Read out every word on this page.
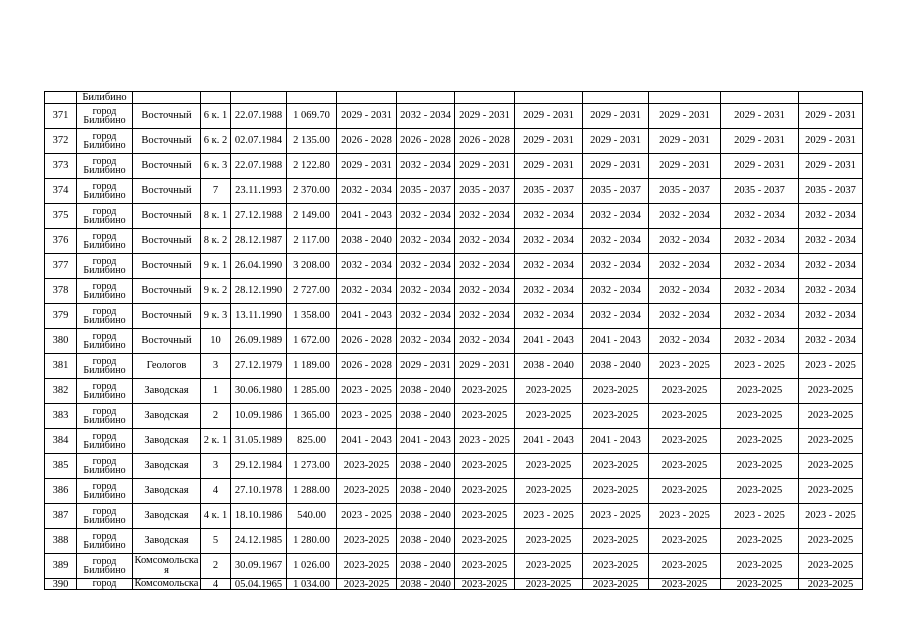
	Билибино												
371	город Билибино	Восточный	6 к. 1	22.07.1988	1 069.70	2029 - 2031	2032 - 2034	2029 - 2031	2029 - 2031	2029 - 2031	2029 - 2031	2029 - 2031	2029 - 2031
372	город Билибино	Восточный	6 к. 2	02.07.1984	2 135.00	2026 - 2028	2026 - 2028	2026 - 2028	2029 - 2031	2029 - 2031	2029 - 2031	2029 - 2031	2029 - 2031
373	город Билибино	Восточный	6 к. 3	22.07.1988	2 122.80	2029 - 2031	2032 - 2034	2029 - 2031	2029 - 2031	2029 - 2031	2029 - 2031	2029 - 2031	2029 - 2031
374	город Билибино	Восточный	7	23.11.1993	2 370.00	2032 - 2034	2035 - 2037	2035 - 2037	2035 - 2037	2035 - 2037	2035 - 2037	2035 - 2037	2035 - 2037
375	город Билибино	Восточный	8 к. 1	27.12.1988	2 149.00	2041 - 2043	2032 - 2034	2032 - 2034	2032 - 2034	2032 - 2034	2032 - 2034	2032 - 2034	2032 - 2034
376	город Билибино	Восточный	8 к. 2	28.12.1987	2 117.00	2038 - 2040	2032 - 2034	2032 - 2034	2032 - 2034	2032 - 2034	2032 - 2034	2032 - 2034	2032 - 2034
377	город Билибино	Восточный	9 к. 1	26.04.1990	3 208.00	2032 - 2034	2032 - 2034	2032 - 2034	2032 - 2034	2032 - 2034	2032 - 2034	2032 - 2034	2032 - 2034
378	город Билибино	Восточный	9 к. 2	28.12.1990	2 727.00	2032 - 2034	2032 - 2034	2032 - 2034	2032 - 2034	2032 - 2034	2032 - 2034	2032 - 2034	2032 - 2034
379	город Билибино	Восточный	9 к. 3	13.11.1990	1 358.00	2041 - 2043	2032 - 2034	2032 - 2034	2032 - 2034	2032 - 2034	2032 - 2034	2032 - 2034	2032 - 2034
380	город Билибино	Восточный	10	26.09.1989	1 672.00	2026 - 2028	2032 - 2034	2032 - 2034	2041 - 2043	2041 - 2043	2032 - 2034	2032 - 2034	2032 - 2034
381	город Билибино	Геологов	3	27.12.1979	1 189.00	2026 - 2028	2029 - 2031	2029 - 2031	2038 - 2040	2038 - 2040	2023 - 2025	2023 - 2025	2023 - 2025
382	город Билибино	Заводская	1	30.06.1980	1 285.00	2023 - 2025	2038 - 2040	2023-2025	2023-2025	2023-2025	2023-2025	2023-2025	2023-2025
383	город Билибино	Заводская	2	10.09.1986	1 365.00	2023 - 2025	2038 - 2040	2023-2025	2023-2025	2023-2025	2023-2025	2023-2025	2023-2025
384	город Билибино	Заводская	2 к. 1	31.05.1989	825.00	2041 - 2043	2041 - 2043	2023 - 2025	2041 - 2043	2041 - 2043	2023-2025	2023-2025	2023-2025
385	город Билибино	Заводская	3	29.12.1984	1 273.00	2023-2025	2038 - 2040	2023-2025	2023-2025	2023-2025	2023-2025	2023-2025	2023-2025
386	город Билибино	Заводская	4	27.10.1978	1 288.00	2023-2025	2038 - 2040	2023-2025	2023-2025	2023-2025	2023-2025	2023-2025	2023-2025
387	город Билибино	Заводская	4 к. 1	18.10.1986	540.00	2023 - 2025	2038 - 2040	2023-2025	2023 - 2025	2023 - 2025	2023 - 2025	2023 - 2025	2023 - 2025
388	город Билибино	Заводская	5	24.12.1985	1 280.00	2023-2025	2038 - 2040	2023-2025	2023-2025	2023-2025	2023-2025	2023-2025	2023-2025
389	город Билибино	Комсомольская	2	30.09.1967	1 026.00	2023-2025	2038 - 2040	2023-2025	2023-2025	2023-2025	2023-2025	2023-2025	2023-2025
390	город	Комсомольска	4	05.04.1965	1 034.00	2023-2025	2038 - 2040	2023-2025	2023-2025	2023-2025	2023-2025	2023-2025	2023-2025
